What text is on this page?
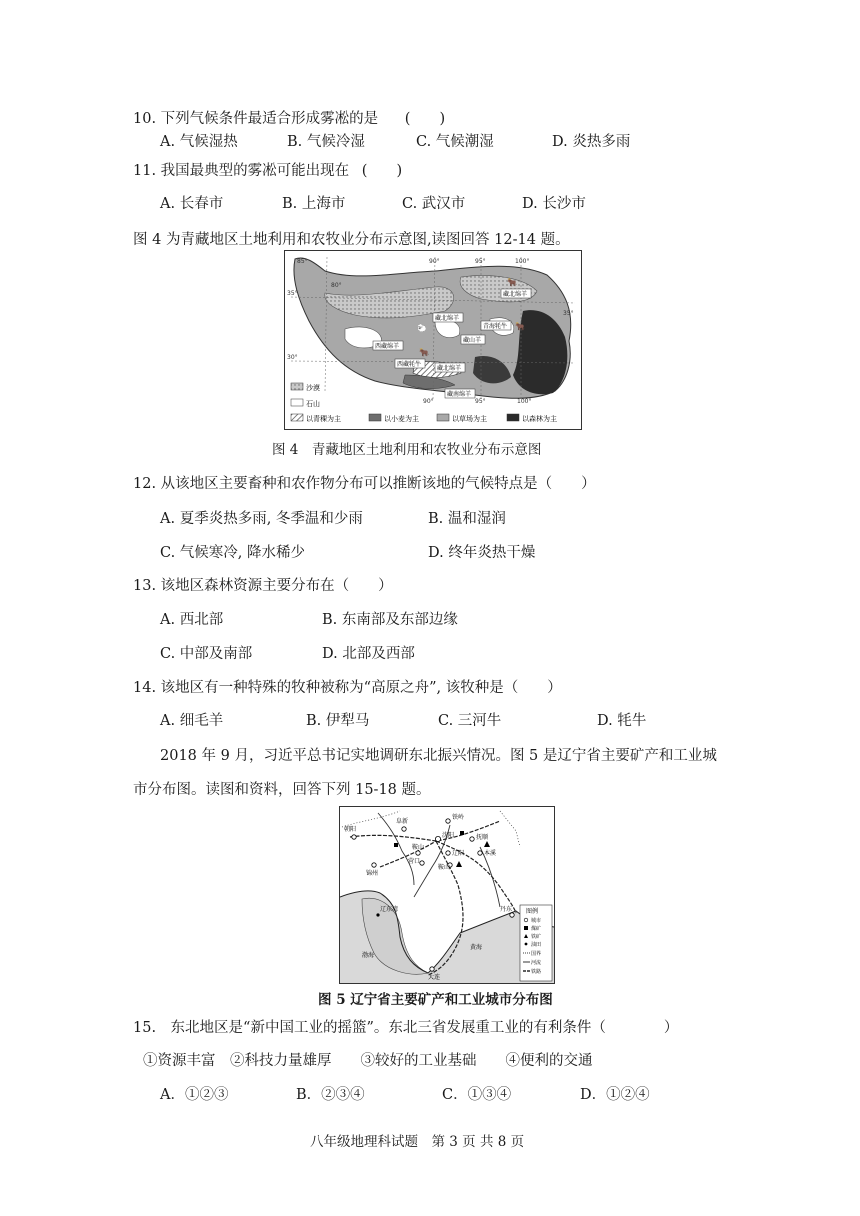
10. 下列气候条件最适合形成雾凇的是 (　　)
A. 气候湿热	B. 气候冷湿	C. 气候潮湿	D. 炎热多雨
11. 我国最典型的雾凇可能出现在 (　　)
A. 长春市	B. 上海市	C. 武汉市	D. 长沙市
图 4 为青藏地区土地利用和农牧业分布示意图,读图回答 12-14 题。
85°	90°	95°	100°
35°
80°
30°
90°	95°	100°
35°
藏北绵羊
藏北绵羊
青海牦牛
藏山羊
西藏绵羊
西藏牦牛
藏北绵羊
藏南绵羊
🐂
🐑	🐂
🐂
沙漠
石山
以青稞为主	以小麦为主	以草场为主	以森林为主
图 4　青藏地区土地利用和农牧业分布示意图
12. 从该地区主要畜种和农作物分布可以推断该地的气候特点是（　　）
A. 夏季炎热多雨, 冬季温和少雨	B. 温和湿润
C. 气候寒冷, 降水稀少	D. 终年炎热干燥
13. 该地区森林资源主要分布在（　　）
A. 西北部	B. 东南部及东部边缘
C. 中部及南部	D. 北部及西部
14. 该地区有一种特殊的牧种被称为“高原之舟”, 该牧种是（　　）
A. 细毛羊	B. 伊犁马	C. 三河牛	D. 牦牛
2018 年 9 月，习近平总书记实地调研东北振兴情况。图 5 是辽宁省主要矿产和工业城
市分布图。读图和资料，回答下列 15-18 题。
阜新
铁岭
沈阳	抚顺
朝阳
锦州
鞍山
辽阳	本溪
鞍山
丹东
大连
营口
辽东湾
渤海
黄海
图例
城市
煤矿
铁矿
油田
国界
河流
铁路
图 5 辽宁省主要矿产和工业城市分布图
15.　东北地区是“新中国工业的摇篮”。东北三省发展重工业的有利条件（　　　　）
①资源丰富　②科技力量雄厚　　③较好的工业基础　　④便利的交通
A．①②③	B．②③④	C．①③④	D．①②④
八年级地理科试题　第 3 页 共 8 页
